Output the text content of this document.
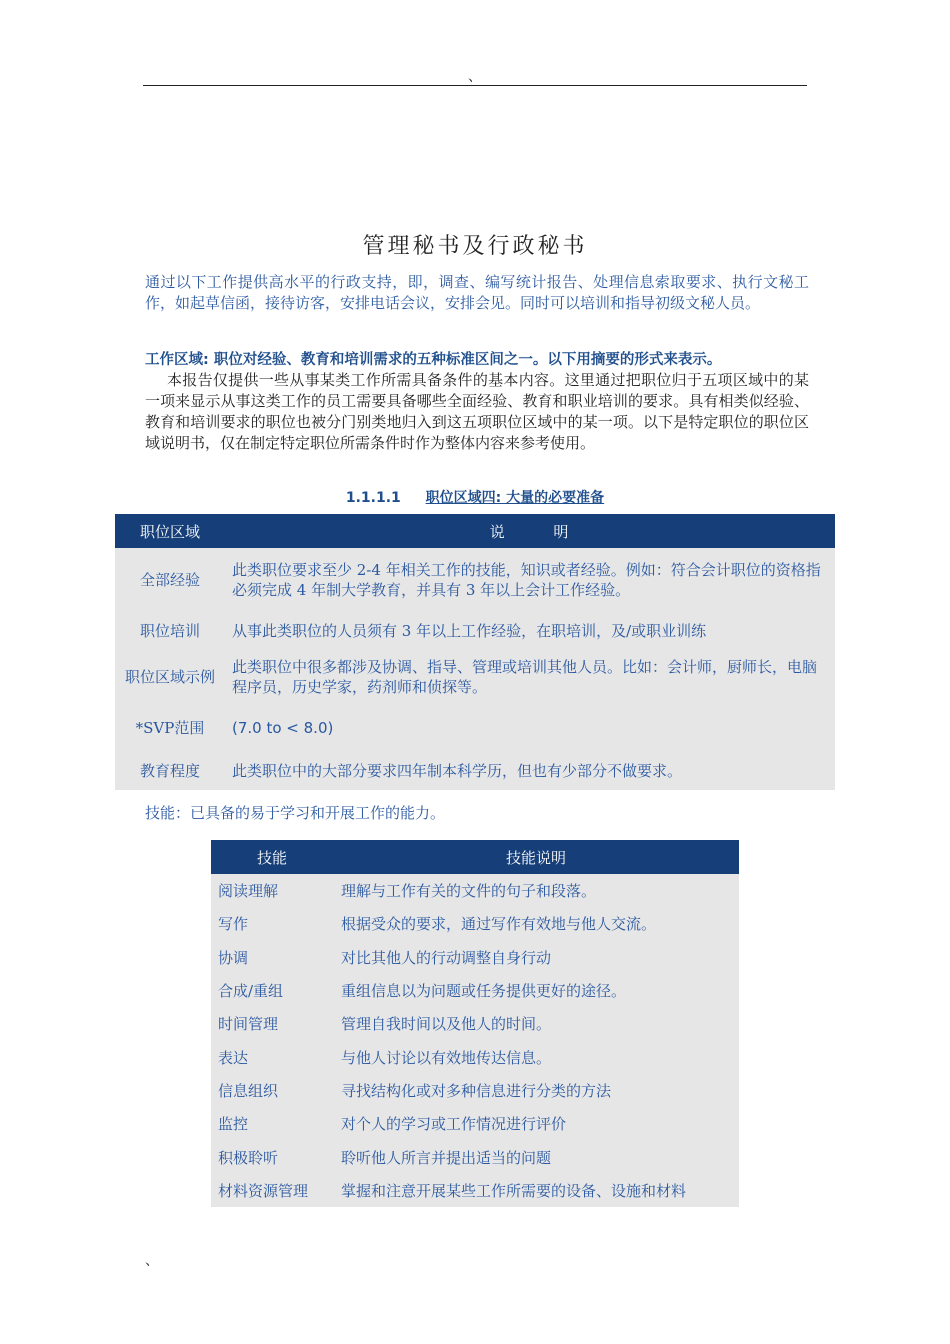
、
管理秘书及行政秘书
通过以下工作提供高水平的行政支持，即，调查、编写统计报告、处理信息索取要求、执行文秘工作，如起草信函，接待访客，安排电话会议，安排会见。同时可以培训和指导初级文秘人员。
工作区域: 职位对经验、教育和培训需求的五种标准区间之一。以下用摘要的形式来表示。
本报告仅提供一些从事某类工作所需具备条件的基本内容。这里通过把职位归于五项区域中的某一项来显示从事这类工作的员工需要具备哪些全面经验、教育和职业培训的要求。具有相类似经验、教育和培训要求的职位也被分门别类地归入到这五项职位区域中的某一项。以下是特定职位的职位区域说明书，仅在制定特定职位所需条件时作为整体内容来参考使用。
1.1.1.1 职位区域四: 大量的必要准备
职位区域	说 明
全部经验	此类职位要求至少 2-4 年相关工作的技能，知识或者经验。例如：符合会计职位的资格指必须完成 4 年制大学教育，并具有 3 年以上会计工作经验。
职位培训	从事此类职位的人员须有 3 年以上工作经验，在职培训，及/或职业训练
职位区域示例	此类职位中很多都涉及协调、指导、管理或培训其他人员。比如：会计师，厨师长，电脑程序员，历史学家，药剂师和侦探等。
*SVP范围	(7.0 to < 8.0)
教育程度	此类职位中的大部分要求四年制本科学历，但也有少部分不做要求。
技能：已具备的易于学习和开展工作的能力。
技能	技能说明
阅读理解	理解与工作有关的文件的句子和段落。
写作	根据受众的要求，通过写作有效地与他人交流。
协调	对比其他人的行动调整自身行动
合成/重组	重组信息以为问题或任务提供更好的途径。
时间管理	管理自我时间以及他人的时间。
表达	与他人讨论以有效地传达信息。
信息组织	寻找结构化或对多种信息进行分类的方法
监控	对个人的学习或工作情况进行评价
积极聆听	聆听他人所言并提出适当的问题
材料资源管理	掌握和注意开展某些工作所需要的设备、设施和材料
、
